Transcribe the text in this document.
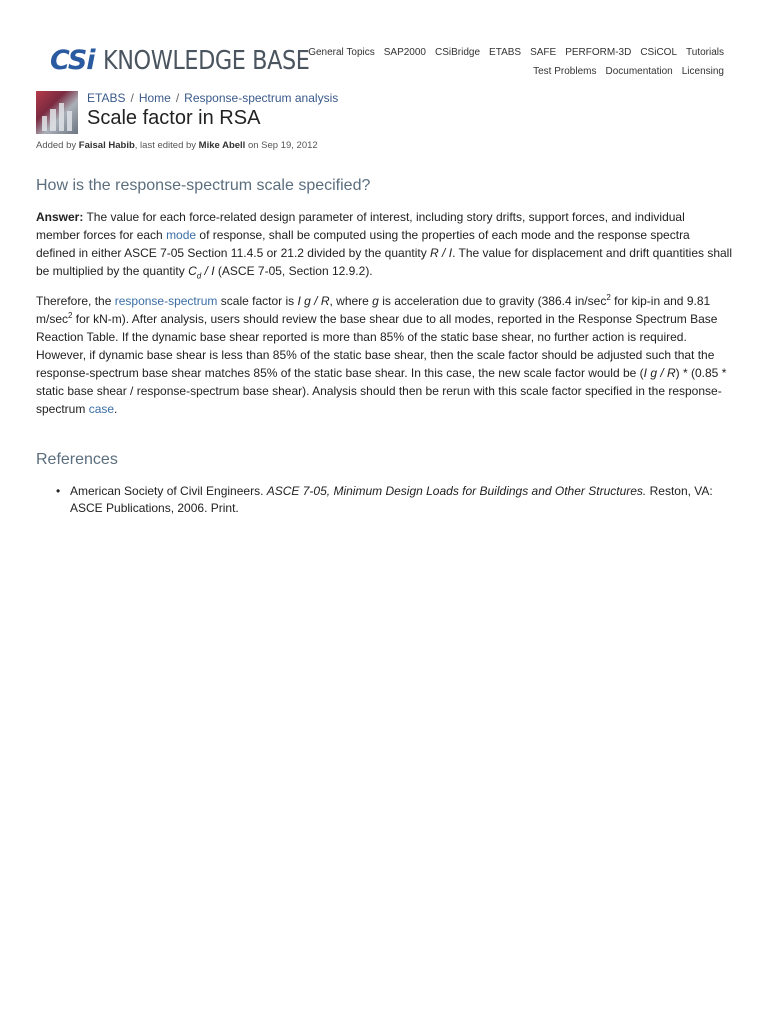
CSi KNOWLEDGE BASE General Topics SAP2000 CSiBridge ETABS SAFE PERFORM-3D CSiCOL Tutorials
Test Problems Documentation Licensing
ETABS / Home / Response-spectrum analysis
Scale factor in RSA
Added by Faisal Habib, last edited by Mike Abell on Sep 19, 2012
How is the response-spectrum scale specified?

Answer: The value for each force-related design parameter of interest, including story drifts, support forces, and individual member forces for each mode of response, shall be computed using the properties of each mode and the response spectra defined in either ASCE 7-05 Section 11.4.5 or 21.2 divided by the quantity R / I. The value for displacement and drift quantities shall be multiplied by the quantity $C_d$ / I (ASCE 7-05, Section 12.9.2).

Therefore, the response-spectrum scale factor is I g / R, where g is acceleration due to gravity (386.4 $in/\sec^2$ for kip-in and 9.81 $m/\sec^2$ for kN-m). After analysis, users should review the base shear due to all modes, reported in the Response Spectrum Base Reaction Table. If the dynamic base shear reported is more than 85% of the static base shear, no further action is required. However, if dynamic base shear is less than 85% of the static base shear, then the scale factor should be adjusted such that the response-spectrum base shear matches 85% of the static base shear. In this case, the new scale factor would be (I g / R) * (0.85 * static base shear / response-spectrum base shear). Analysis should then be rerun with this scale factor specified in the response-spectrum case.

References
• American Society of Civil Engineers. ASCE 7-05, Minimum Design Loads for Buildings and Other Structures. Reston, VA: ASCE Publications, 2006. Print.
